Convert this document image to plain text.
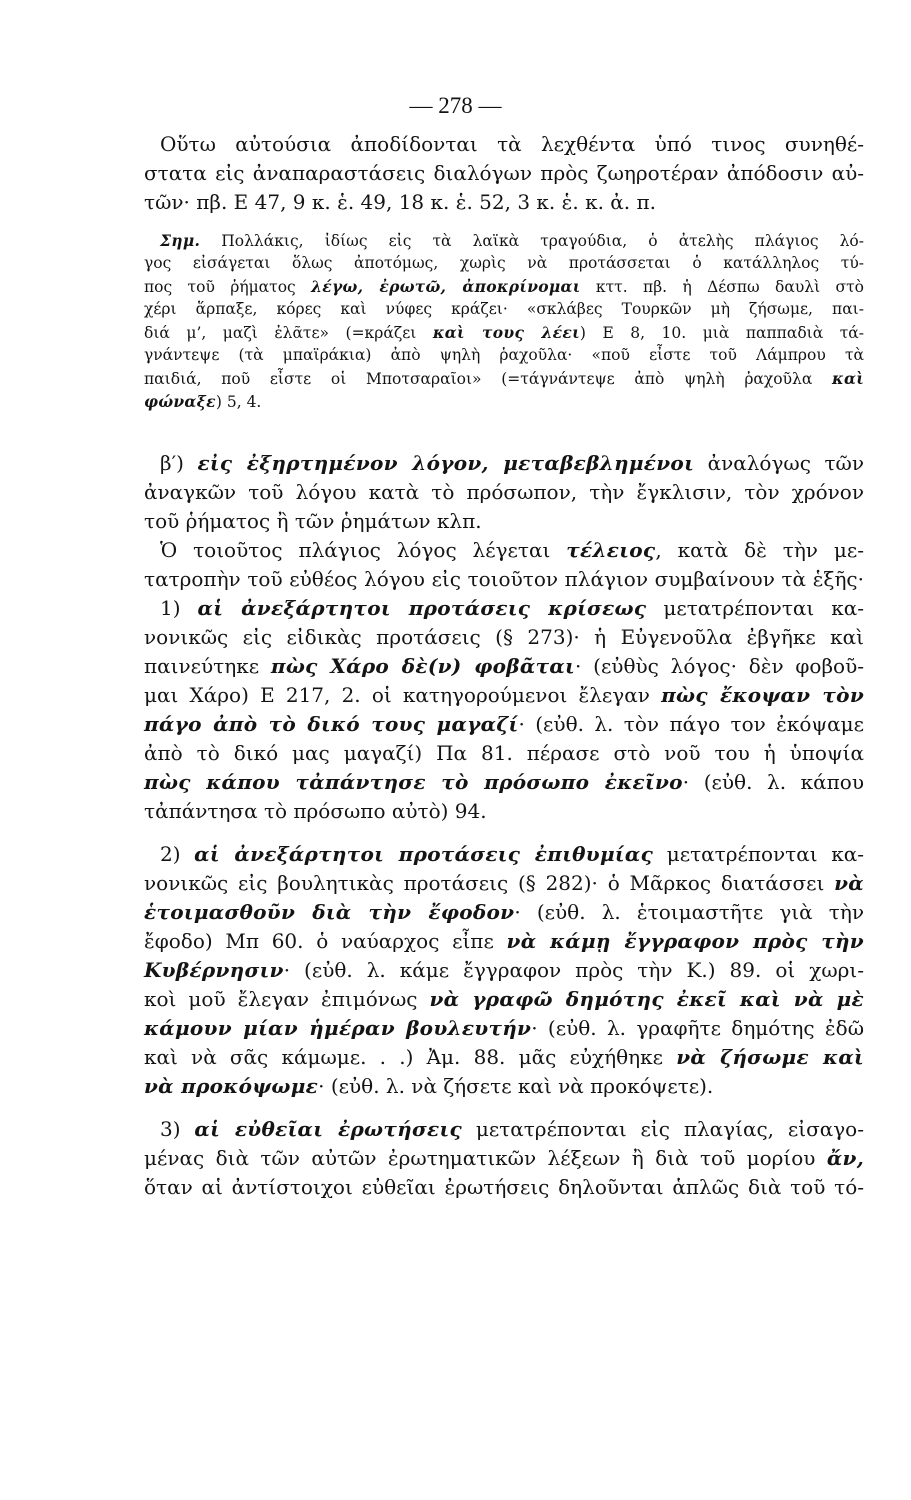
— 278 —
Οὕτω αὐτούσια ἀποδίδονται τὰ λεχθέντα ὑπό τινος συνηθέ-
στατα εἰς ἀναπαραστάσεις διαλόγων πρὸς ζωηροτέραν ἀπόδοσιν αὐ-
τῶν· πβ. Ε 47, 9 κ. ἑ. 49, 18 κ. ἑ. 52, 3 κ. ἑ. κ. ἀ. π.
Σημ. Πολλάκις, ἰδίως εἰς τὰ λαϊκὰ τραγούδια, ὁ ἀτελὴς πλάγιος λό-
γος εἰσάγεται ὅλως ἀποτόμως, χωρὶς νὰ προτάσσεται ὁ κατάλληλος τύ-
πος τοῦ ῥήματος λέγω, ἐρωτῶ, ἀποκρίνομαι κττ. πβ. ἡ Δέσπω δαυλὶ στὸ
χέρι ἅρπαξε, κόρες καὶ νύφες κράζει· «σκλάβες Τουρκῶν μὴ ζήσωμε, παι-
διά μ’, μαζὶ ἐλᾶτε» (=κράζει καὶ τους λέει) Ε 8, 10. μιὰ παππαδιὰ τά-
γνάντεψε (τὰ μπαϊράκια) ἀπὸ ψηλὴ ῥαχοῦλα· «ποῦ εἶστε τοῦ Λάμπρου τὰ
παιδιά, ποῦ εἶστε οἱ Μποτσαραῖοι» (=τάγνάντεψε ἀπὸ ψηλὴ ῥαχοῦλα καὶ
φώναξε) 5, 4.
β′) εἰς ἐξηρτημένον λόγον, μεταβεβλημένοι ἀναλόγως τῶν
ἀναγκῶν τοῦ λόγου κατὰ τὸ πρόσωπον, τὴν ἔγκλισιν, τὸν χρόνον
τοῦ ῥήματος ἢ τῶν ῥημάτων κλπ.
Ὁ τοιοῦτος πλάγιος λόγος λέγεται τέλειος, κατὰ δὲ τὴν με-
τατροπὴν τοῦ εὐθέος λόγου εἰς τοιοῦτον πλάγιον συμβαίνουν τὰ ἑξῆς·
1) αἱ ἀνεξάρτητοι προτάσεις κρίσεως μετατρέπονται κα-
νονικῶς εἰς εἰδικὰς προτάσεις (§ 273)· ἡ Εὐγενοῦλα ἐβγῆκε καὶ
παινεύτηκε πὼς Χάρο δὲ(ν) φοβᾶται· (εὐθὺς λόγος· δὲν φοβοῦ-
μαι Χάρο) Ε 217, 2. οἱ κατηγορούμενοι ἔλεγαν πὼς ἔκοψαν τὸν
πάγο ἀπὸ τὸ δικό τους μαγαζί· (εὐθ. λ. τὸν πάγο τον ἐκόψαμε
ἀπὸ τὸ δικό μας μαγαζί) Πα 81. πέρασε στὸ νοῦ του ἡ ὑποψία
πὼς κάπου τἀπάντησε τὸ πρόσωπο ἐκεῖνο· (εὐθ. λ. κάπου
τἀπάντησα τὸ πρόσωπο αὐτὸ) 94.
2) αἱ ἀνεξάρτητοι προτάσεις ἐπιθυμίας μετατρέπονται κα-
νονικῶς εἰς βουλητικὰς προτάσεις (§ 282)· ὁ Μᾶρκος διατάσσει νὰ
ἑτοιμασθοῦν διὰ τὴν ἔφοδον· (εὐθ. λ. ἑτοιμαστῆτε γιὰ τὴν
ἔφοδο) Μπ 60. ὁ ναύαρχος εἶπε νὰ κάμῃ ἔγγραφον πρὸς τὴν
Κυβέρνησιν· (εὐθ. λ. κάμε ἔγγραφον πρὸς τὴν Κ.) 89. οἱ χωρι-
κοὶ μοῦ ἔλεγαν ἐπιμόνως νὰ γραφῶ δημότης ἐκεῖ καὶ νὰ μὲ
κάμουν μίαν ἡμέραν βουλευτήν· (εὐθ. λ. γραφῆτε δημότης ἐδῶ
καὶ νὰ σᾶς κάμωμε. . .) Ἀμ. 88. μᾶς εὐχήθηκε νὰ ζήσωμε καὶ
νὰ προκόψωμε· (εὐθ. λ. νὰ ζήσετε καὶ νὰ προκόψετε).
3) αἱ εὐθεῖαι ἐρωτήσεις μετατρέπονται εἰς πλαγίας, εἰσαγο-
μένας διὰ τῶν αὐτῶν ἐρωτηματικῶν λέξεων ἢ διὰ τοῦ μορίου ἄν,
ὅταν αἱ ἀντίστοιχοι εὐθεῖαι ἐρωτήσεις δηλοῦνται ἁπλῶς διὰ τοῦ τό-
